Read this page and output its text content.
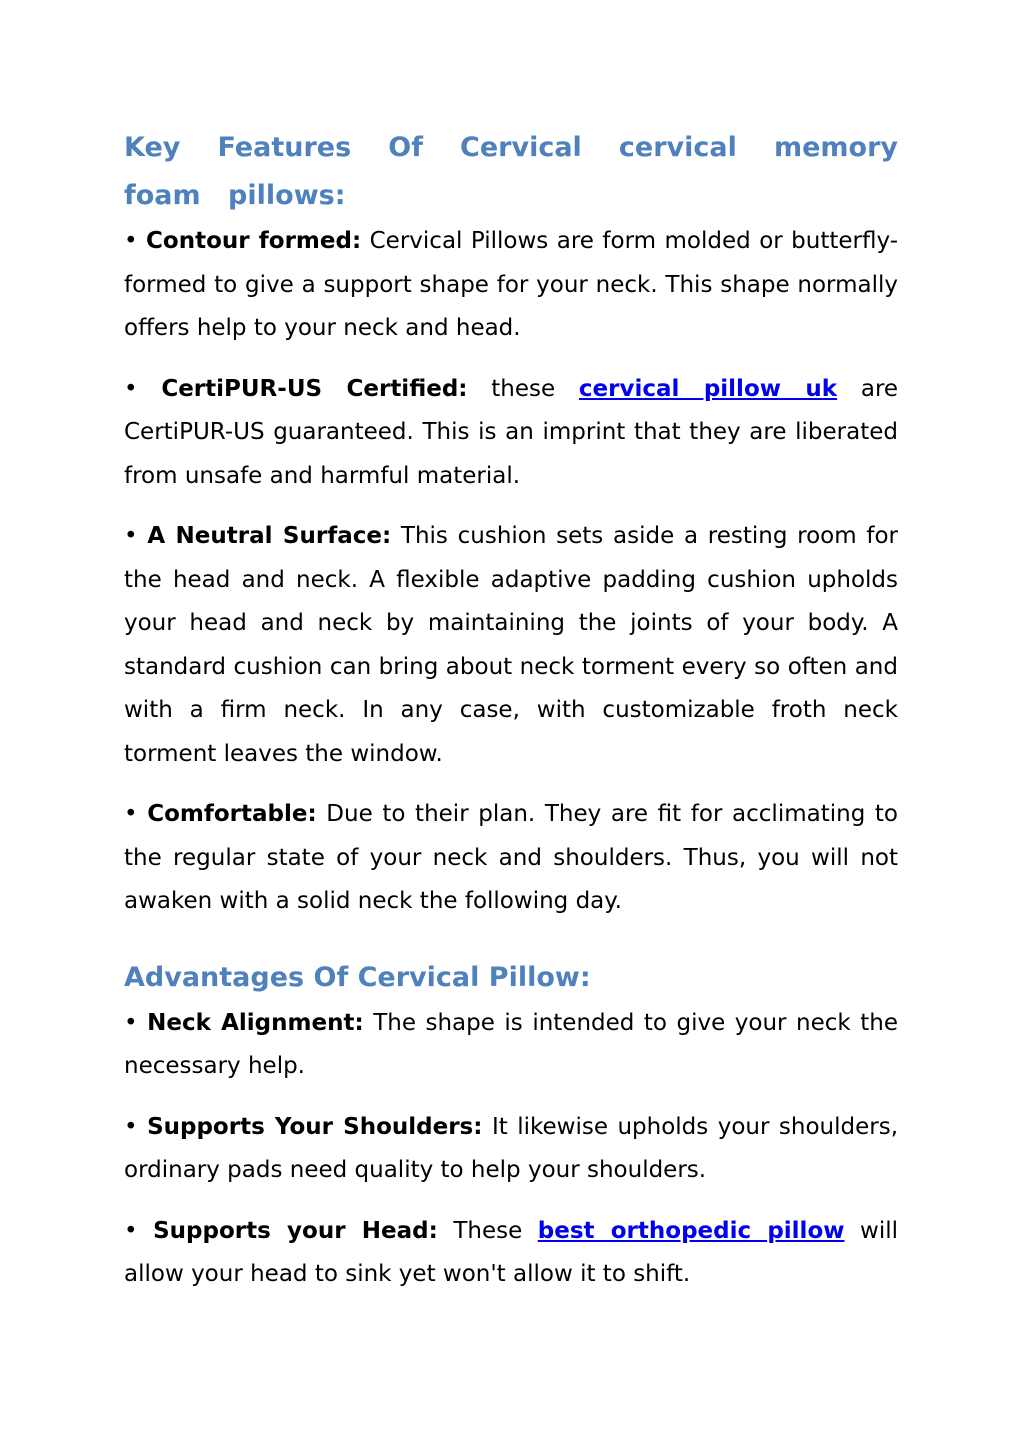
Key Features Of Cervical cervical memory foam pillows:

• Contour formed: Cervical Pillows are form molded or butterfly-formed to give a support shape for your neck. This shape normally offers help to your neck and head.

• CertiPUR-US Certified: these cervical pillow uk are CertiPUR-US guaranteed. This is an imprint that they are liberated from unsafe and harmful material.

• A Neutral Surface: This cushion sets aside a resting room for the head and neck. A flexible adaptive padding cushion upholds your head and neck by maintaining the joints of your body. A standard cushion can bring about neck torment every so often and with a firm neck. In any case, with customizable froth neck torment leaves the window.

• Comfortable: Due to their plan. They are fit for acclimating to the regular state of your neck and shoulders. Thus, you will not awaken with a solid neck the following day.

Advantages Of Cervical Pillow:

• Neck Alignment: The shape is intended to give your neck the necessary help.

• Supports Your Shoulders: It likewise upholds your shoulders, ordinary pads need quality to help your shoulders.

• Supports your Head: These best orthopedic pillow will allow your head to sink yet won't allow it to shift.
